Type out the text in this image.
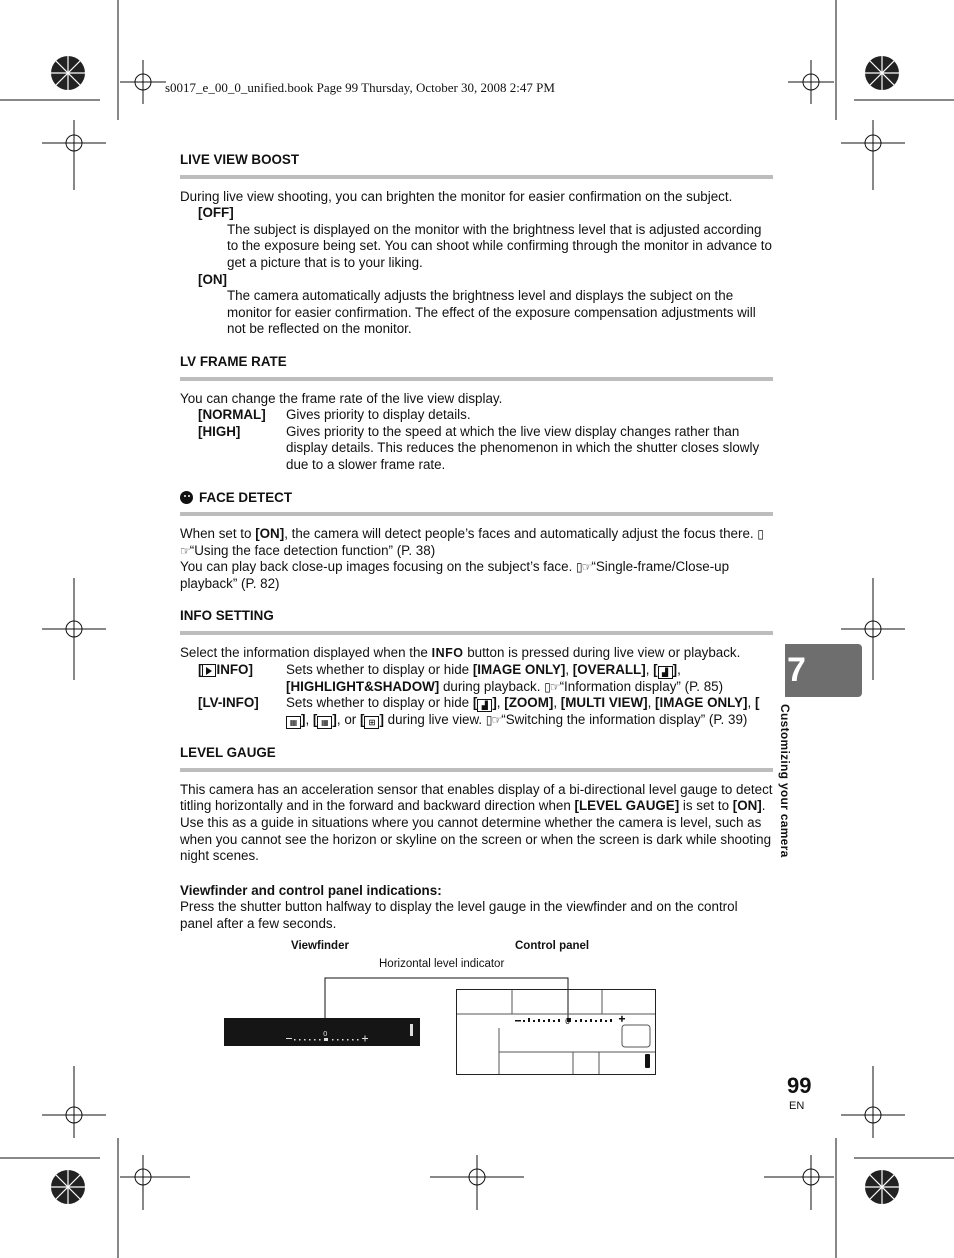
s0017_e_00_0_unified.book Page 99 Thursday, October 30, 2008 2:47 PM
LIVE VIEW BOOST

During live view shooting, you can brighten the monitor for easier confirmation on the subject.

[OFF]

The subject is displayed on the monitor with the brightness level that is adjusted according to the exposure being set. You can shoot while confirming through the monitor in advance to get a picture that is to your liking.

[ON]

The camera automatically adjusts the brightness level and displays the subject on the monitor for easier confirmation. The effect of the exposure compensation adjustments will not be reflected on the monitor.

LV FRAME RATE

You can change the frame rate of the live view display.

[NORMAL]	Gives priority to display details.
[HIGH]	Gives priority to the speed at which the live view display changes rather than display details. This reduces the phenomenon in which the shutter closes slowly due to a slower frame rate.
FACE DETECT

When set to [ON], the camera will detect people’s faces and automatically adjust the focus there. ▯☞“Using the face detection function” (P. 38)

You can play back close-up images focusing on the subject’s face. ▯☞“Single-frame/Close-up playback” (P. 82)

INFO SETTING

Select the information displayed when the INFO button is pressed during live view or playback.

[ INFO]	Sets whether to display or hide [IMAGE ONLY], [OVERALL], [ ▟ ], [HIGHLIGHT&SHADOW] during playback. ▯☞“Information display” (P. 85)
[LV-INFO]	Sets whether to display or hide [ ▟ ], [ZOOM], [MULTI VIEW], [IMAGE ONLY], [▦ ], [ ▦ ], or [ ⊞ ] during live view. ▯☞“Switching the information display” (P. 39)
LEVEL GAUGE

This camera has an acceleration sensor that enables display of a bi-directional level gauge to detect titling horizontally and in the forward and backward direction when [LEVEL GAUGE] is set to [ON]. Use this as a guide in situations where you cannot determine whether the camera is level, such as when you cannot see the horizon or skyline on the screen or when the screen is dark while shooting night scenes.

Viewfinder and control panel indications:

Press the shutter button halfway to display the level gauge in the viewfinder and on the control panel after a few seconds.

Viewfinder	Control panel
Horizontal level indicator
0
0
7
Customizing your camera
99
EN
